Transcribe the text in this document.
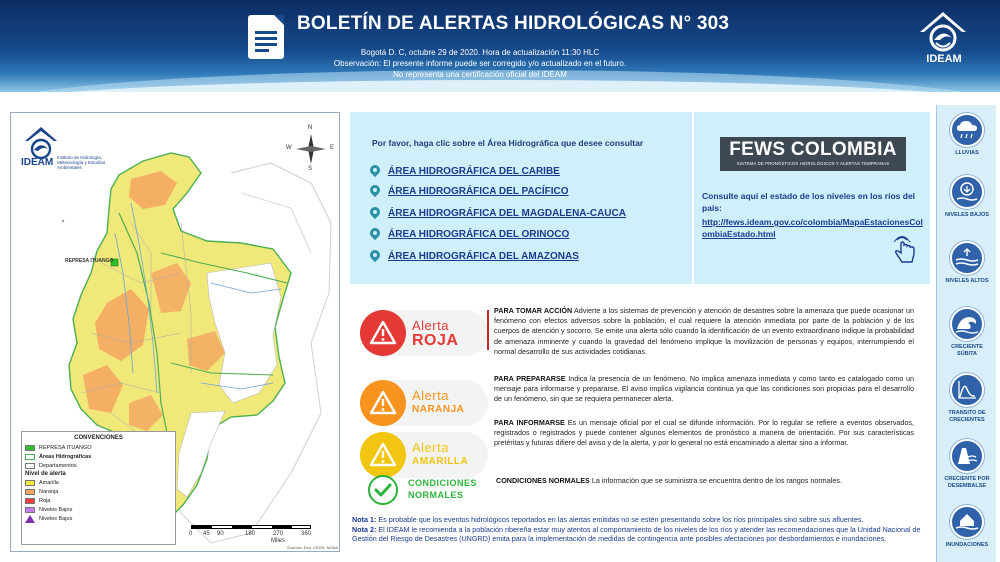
BOLETÍN DE ALERTAS HIDROLÓGICAS N° 303
Bogotá D. C, octubre 29 de 2020. Hora de actualización 11:30 HLC
Observación: El presente informe puede ser corregido y/o actualizado en el futuro.
No representa una certificación oficial del IDEAM
IDEAM
IDEAM Instituto de Hidrología, Meteorología y Estudios Ambientales
N
S
E
W
REPRESA ITUANGO
CONVENCIONES
REPRESA ITUANGO
Áreas Hidrográficas
Departamentos
Nivel de alerta
Amarilla
Naranja
Roja
Niveles Bajos
Niveles Bajos
0 45 90	180	270	360
Miles
Sources: Esri, USGS, NOAA
Por favor, haga clic sobre el Área Hidrográfica que desee consultar
ÁREA HIDROGRÁFICA DEL CARIBE
ÁREA HIDROGRÁFICA DEL PACÍFICO
ÁREA HIDROGRÁFICA DEL MAGDALENA-CAUCA
ÁREA HIDROGRÁFICA DEL ORINOCO
ÁREA HIDROGRÁFICA DEL AMAZONAS
FEWS COLOMBIA
SISTEMA DE PRONÓSTICOS HIDROLÓGICOS Y ALERTAS TEMPRANAS
Consulte aquí el estado de los niveles en los ríos del país:
http://fews.ideam.gov.co/colombia/MapaEstacionesColombiaEstado.html
LLUVIAS
NIVELES BAJOS
NIVELES ALTOS
CRECIENTE SÚBITA
TRANSITO DE CRECIENTES
CRECIENTE POR DESEMBALSE
INUNDACIONES
Alerta
ROJA
PARA TOMAR ACCIÓN Advierte a los sistemas de prevención y atención de desastres sobre la amenaza que puede ocasionar un fenómeno con efectos adversos sobre la población, el cual requiere la atención inmediata por parte de la población y de los cuerpos de atención y socorro. Se emite una alerta sólo cuando la identificación de un evento extraordinario indique la probabilidad de amenaza inminente y cuando la gravedad del fenómeno implique la movilización de personas y equipos, interrumpiendo el normal desarrollo de sus actividades cotidianas.
Alerta
NARANJA
PARA PREPARARSE Indica la presencia de un fenómeno. No implica amenaza inmediata y como tanto es catalogado como un mensaje para informarse y prepararse. El aviso implica vigilancia continua ya que las condiciones son propicias para el desarrollo de un fenómeno, sin que se requiera permanecer alerta.
Alerta
AMARILLA
PARA INFORMARSE Es un mensaje oficial por el cual se difunde información. Por lo regular se refiere a eventos observados, registrados o registrados y puede contener algunos elementos de pronóstico a manera de orientación. Por sus características pretéritas y futuras difiere del aviso y de la alerta, y por lo general no está encaminado a alertar sino a informar.
CONDICIONES
NORMALES
CONDICIONES NORMALES La información que se suministra se encuentra dentro de los rangos normales.
Nota 1: Es probable que los eventos hidrológicos reportados en las alertas emitidas no se estén presentando sobre los ríos principales sino sobre sus afluentes.
Nota 2: El IDEAM le recomienda a la población ribereña estar muy atentos al comportamiento de los niveles de los ríos y atender las recomendaciones que la Unidad Nacional de Gestión del Riesgo de Desastres (UNGRD) emita para la implementación de medidas de contingencia ante posibles afectaciones por desbordamientos e inundaciones.
